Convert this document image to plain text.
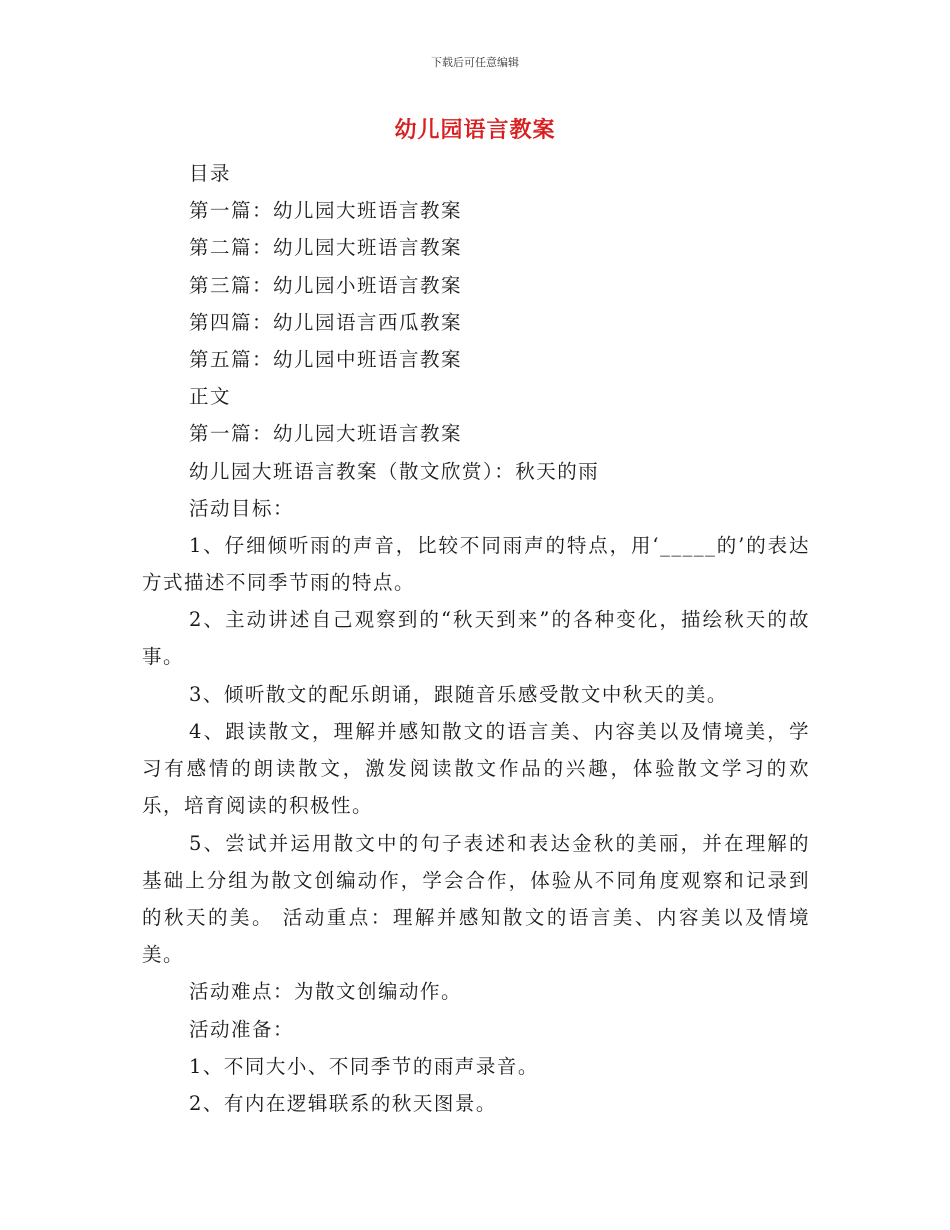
下载后可任意编辑
幼儿园语言教案
目录
第一篇：幼儿园大班语言教案
第二篇：幼儿园大班语言教案
第三篇：幼儿园小班语言教案
第四篇：幼儿园语言西瓜教案
第五篇：幼儿园中班语言教案
正文
第一篇：幼儿园大班语言教案
幼儿园大班语言教案（散文欣赏）：秋天的雨
活动目标：
1、仔细倾听雨的声音，比较不同雨声的特点，用‘_____的’的表达方式描述不同季节雨的特点。
2、主动讲述自己观察到的“秋天到来”的各种变化，描绘秋天的故事。
3、倾听散文的配乐朗诵，跟随音乐感受散文中秋天的美。
4、跟读散文，理解并感知散文的语言美、内容美以及情境美，学习有感情的朗读散文，激发阅读散文作品的兴趣，体验散文学习的欢乐，培育阅读的积极性。
5、尝试并运用散文中的句子表述和表达金秋的美丽，并在理解的基础上分组为散文创编动作，学会合作，体验从不同角度观察和记录到的秋天的美。 活动重点：理解并感知散文的语言美、内容美以及情境美。
活动难点：为散文创编动作。
活动准备：
1、不同大小、不同季节的雨声录音。
2、有内在逻辑联系的秋天图景。
